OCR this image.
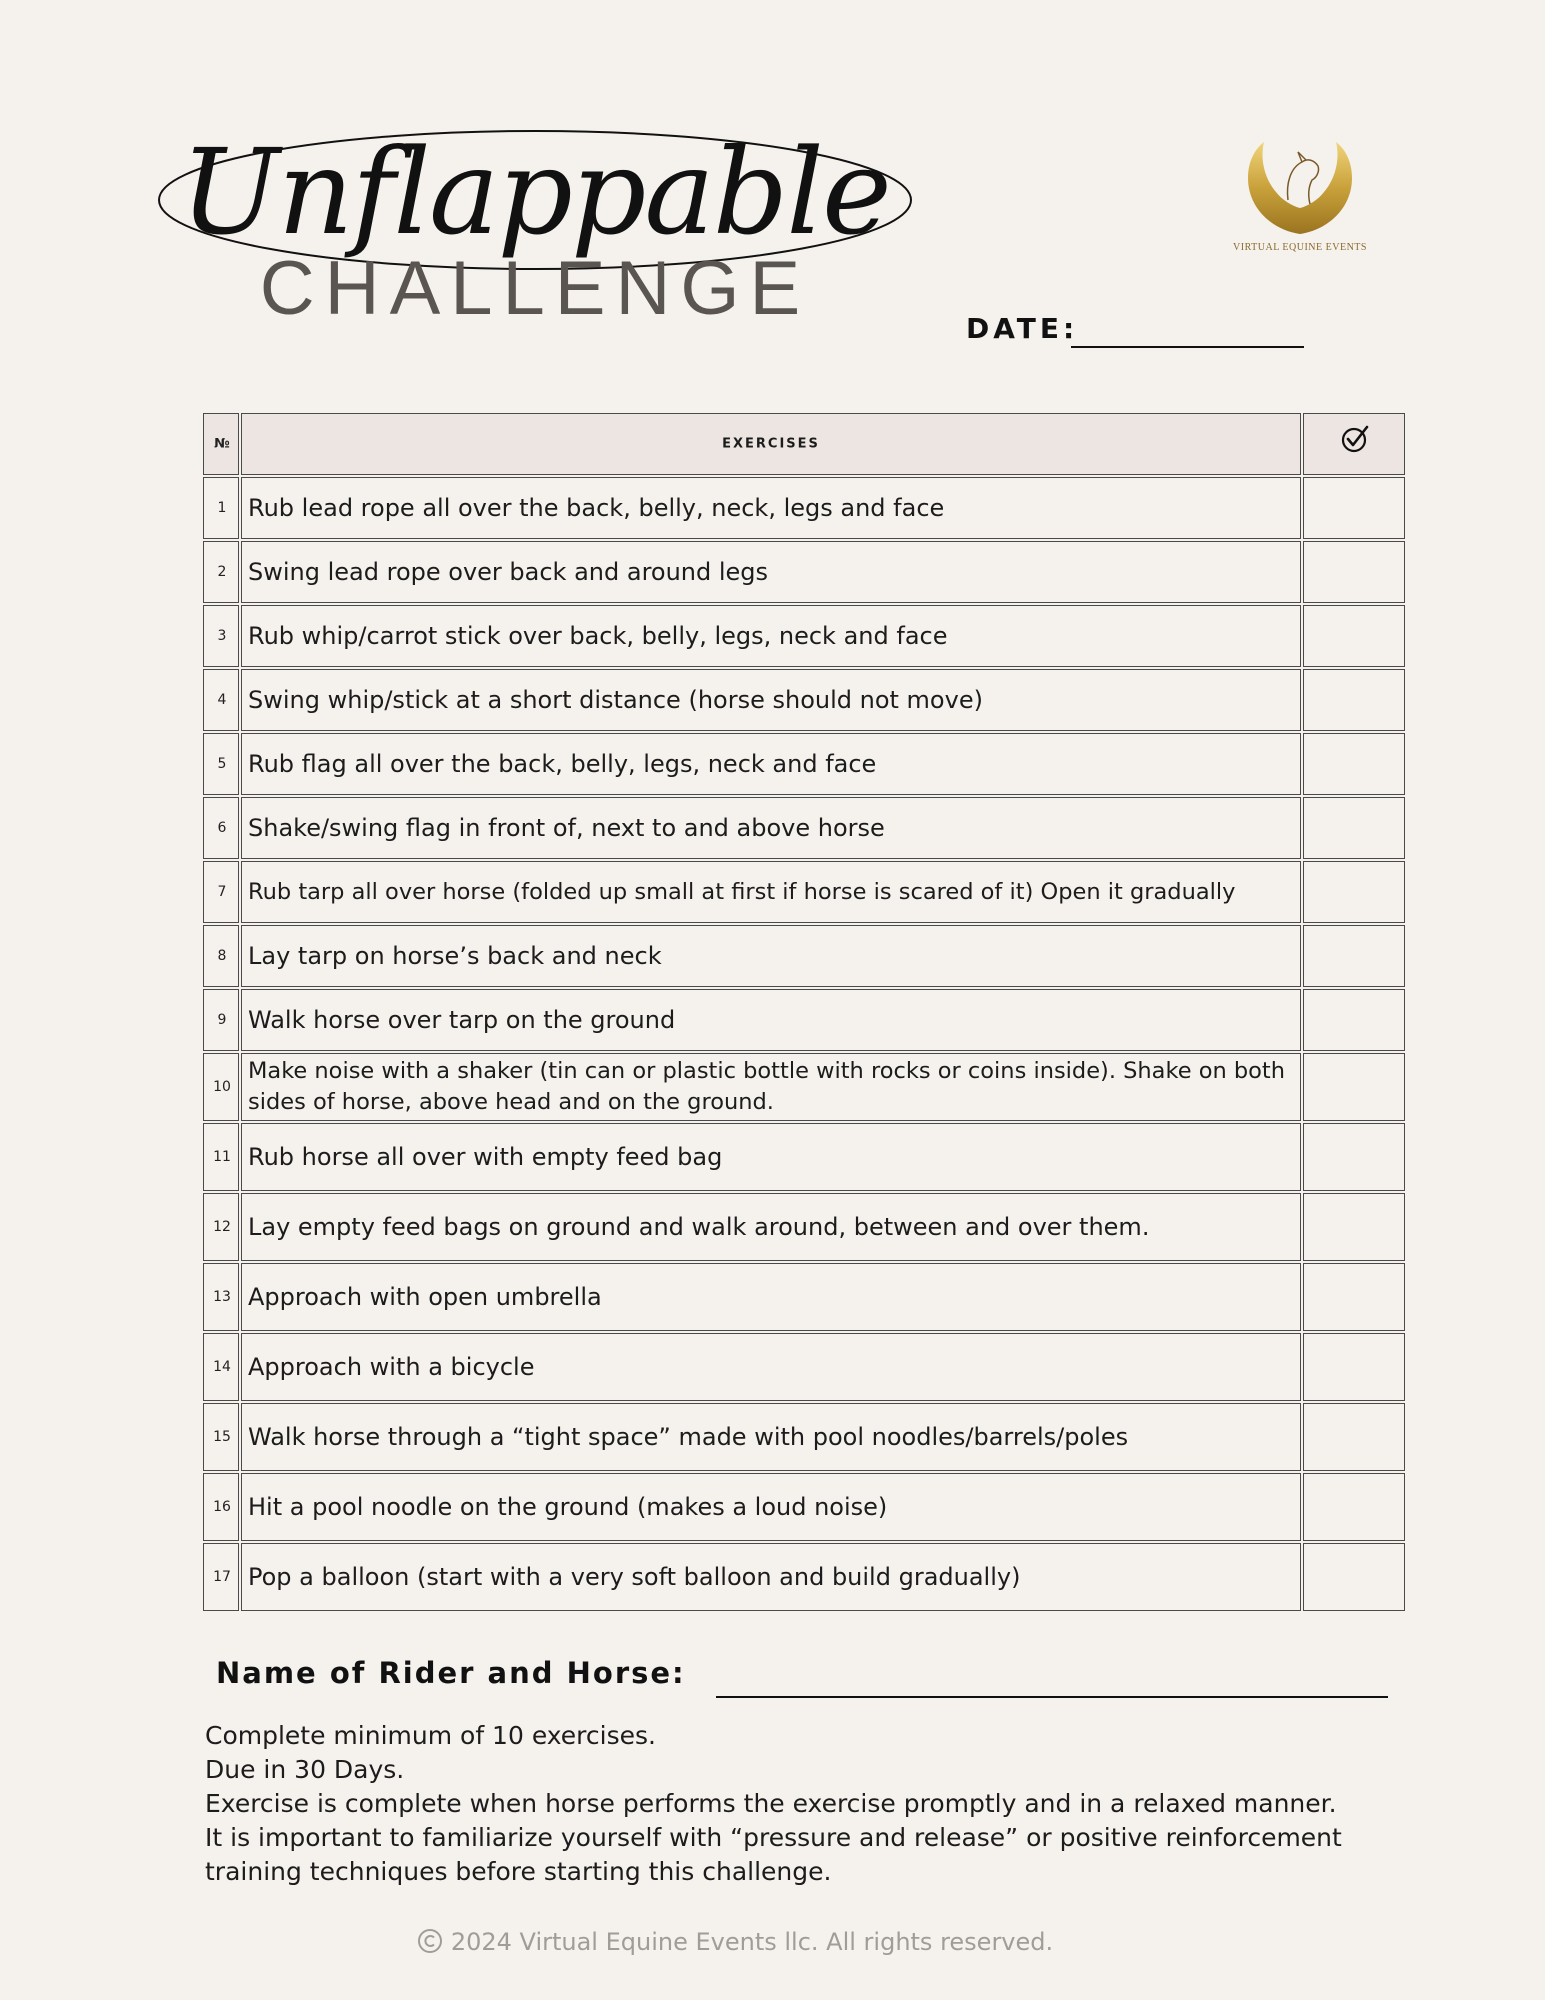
Unflappable
CHALLENGE	VIRTUAL EQUINE EVENTS
DATE:
№	EXERCISES
1 Rub lead rope all over the back, belly, neck, legs and face
2 Swing lead rope over back and around legs
3 Rub whip/carrot stick over back, belly, legs, neck and face
4 Swing whip/stick at a short distance (horse should not move)
5 Rub flag all over the back, belly, legs, neck and face
6 Shake/swing flag in front of, next to and above horse
7 Rub tarp all over horse (folded up small at first if horse is scared of it) Open it gradually
8 Lay tarp on horse’s back and neck
9 Walk horse over tarp on the ground
10
Make noise with a shaker (tin can or plastic bottle with rocks or coins inside). Shake on both sides of horse, above head and on the ground.
11 Rub horse all over with empty feed bag
12 Lay empty feed bags on ground and walk around, between and over them.
13 Approach with open umbrella
14 Approach with a bicycle
15 Walk horse through a “tight space” made with pool noodles/barrels/poles
16 Hit a pool noodle on the ground (makes a loud noise)
17 Pop a balloon (start with a very soft balloon and build gradually)
Name of Rider and Horse:
Complete minimum of 10 exercises.
Due in 30 Days.
Exercise is complete when horse performs the exercise promptly and in a relaxed manner.
It is important to familiarize yourself with “pressure and release” or positive reinforcement
training techniques before starting this challenge.
2024 Virtual Equine Events llc. All rights reserved.
